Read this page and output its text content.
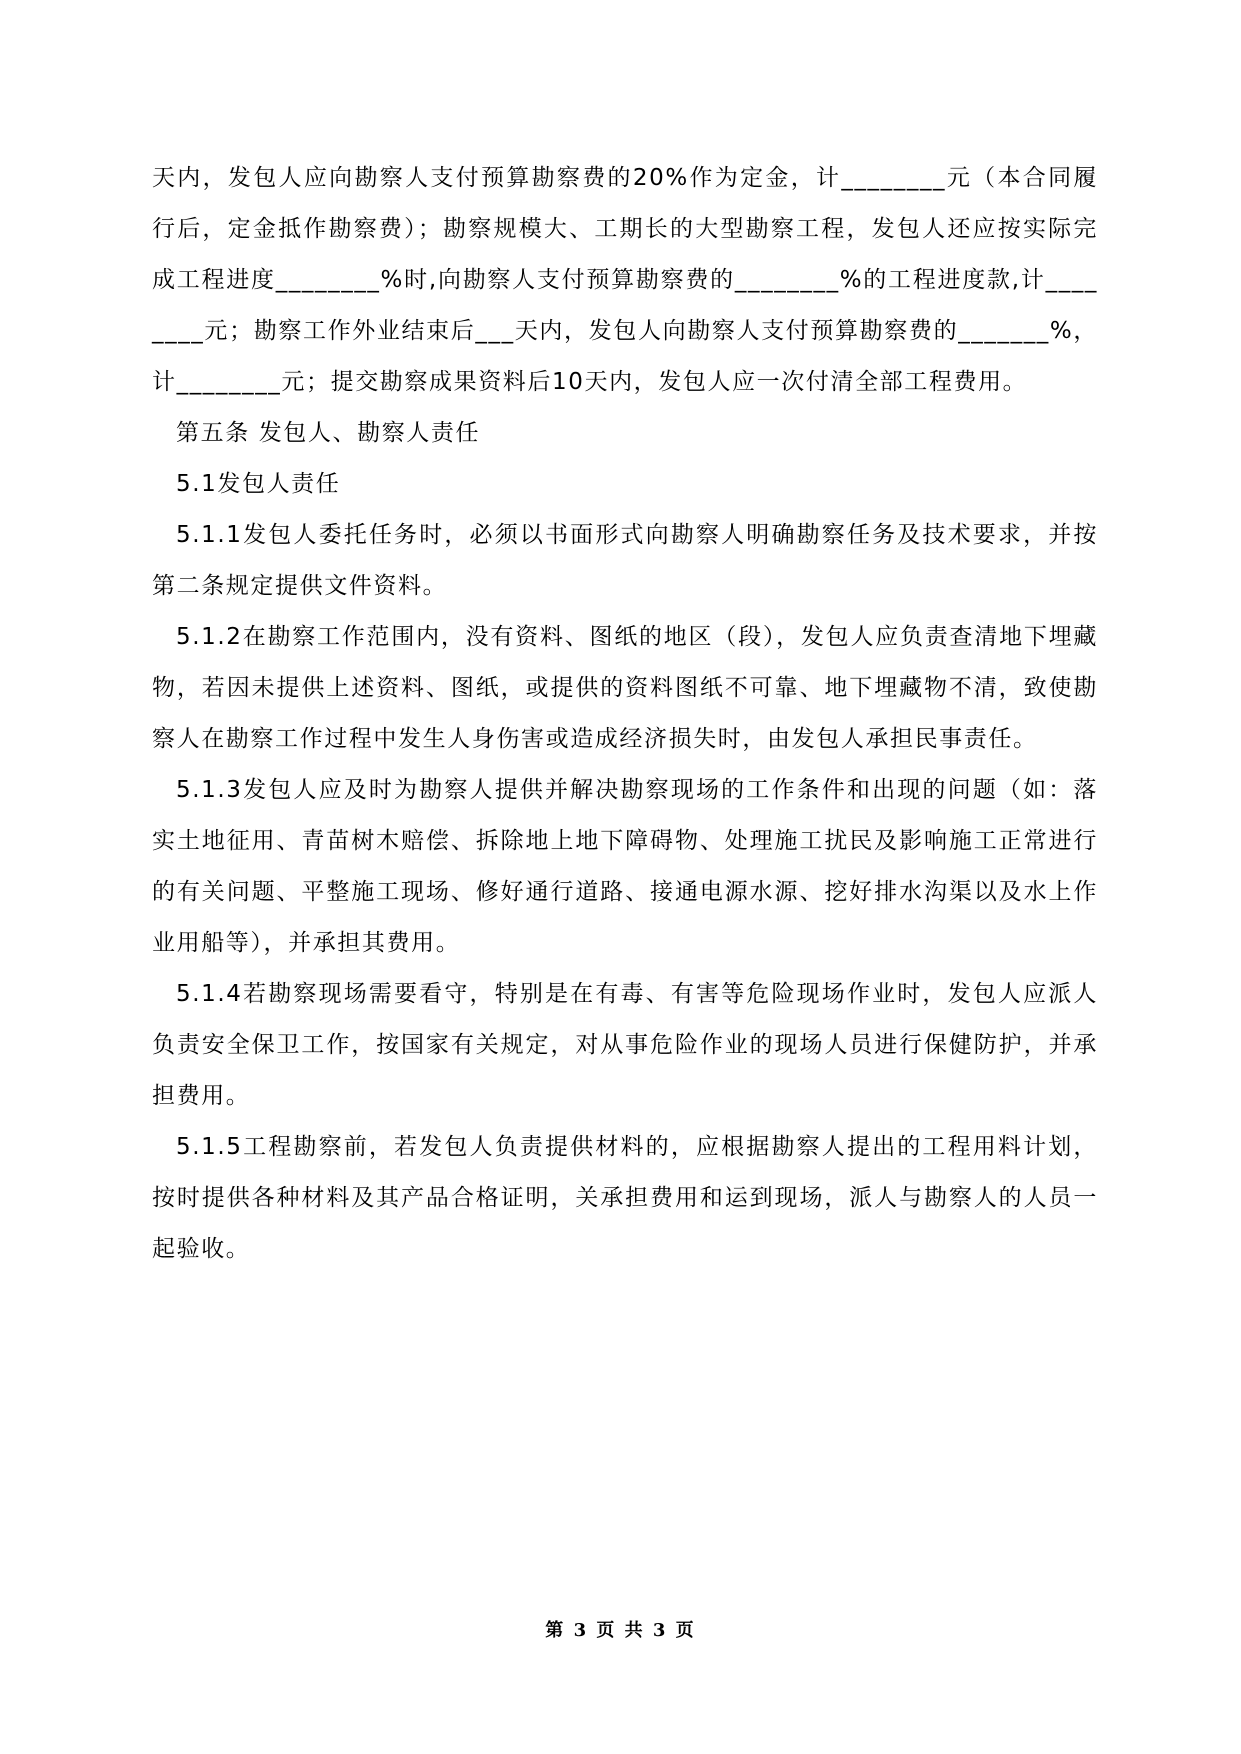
天内，发包人应向勘察人支付预算勘察费的20%作为定金，计________元（本合同履行后，定金抵作勘察费）；勘察规模大、工期长的大型勘察工程，发包人还应按实际完成工程进度________%时,向勘察人支付预算勘察费的________%的工程进度款,计________元；勘察工作外业结束后___天内，发包人向勘察人支付预算勘察费的_______%，计________元；提交勘察成果资料后10天内，发包人应一次付清全部工程费用。

第五条 发包人、勘察人责任

5.1发包人责任

5.1.1发包人委托任务时，必须以书面形式向勘察人明确勘察任务及技术要求，并按第二条规定提供文件资料。

5.1.2在勘察工作范围内，没有资料、图纸的地区（段），发包人应负责查清地下埋藏物，若因未提供上述资料、图纸，或提供的资料图纸不可靠、地下埋藏物不清，致使勘察人在勘察工作过程中发生人身伤害或造成经济损失时，由发包人承担民事责任。

5.1.3发包人应及时为勘察人提供并解决勘察现场的工作条件和出现的问题（如：落实土地征用、青苗树木赔偿、拆除地上地下障碍物、处理施工扰民及影响施工正常进行的有关问题、平整施工现场、修好通行道路、接通电源水源、挖好排水沟渠以及水上作业用船等），并承担其费用。

5.1.4若勘察现场需要看守，特别是在有毒、有害等危险现场作业时，发包人应派人负责安全保卫工作，按国家有关规定，对从事危险作业的现场人员进行保健防护，并承担费用。

5.1.5工程勘察前，若发包人负责提供材料的，应根据勘察人提出的工程用料计划，按时提供各种材料及其产品合格证明，关承担费用和运到现场，派人与勘察人的人员一起验收。

第 3 页 共 3 页
